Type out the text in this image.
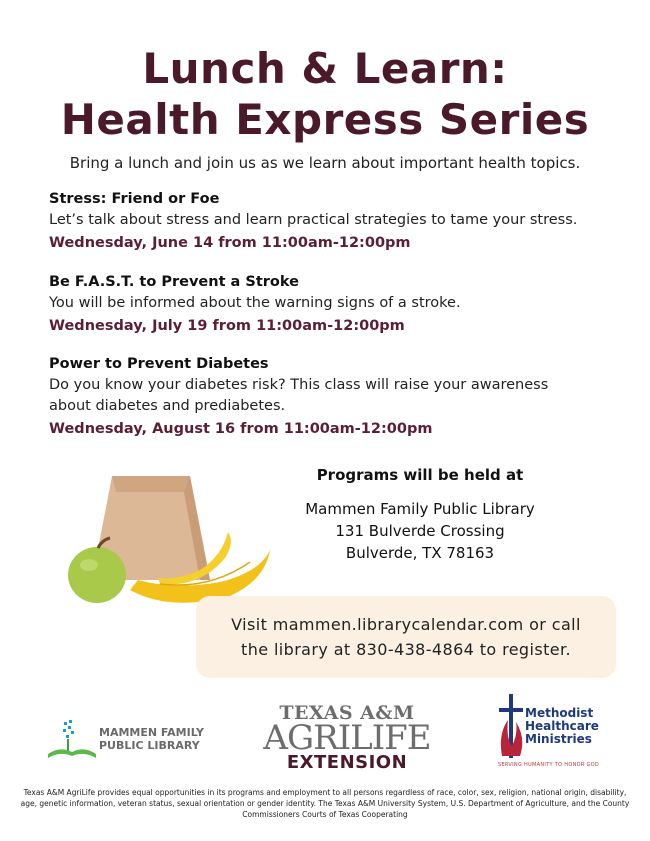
Lunch & Learn:
Health Express Series
Bring a lunch and join us as we learn about important health topics.
Stress: Friend or Foe
Let’s talk about stress and learn practical strategies to tame your stress.
Wednesday, June 14 from 11:00am-12:00pm
Be F.A.S.T. to Prevent a Stroke
You will be informed about the warning signs of a stroke.
Wednesday, July 19 from 11:00am-12:00pm
Power to Prevent Diabetes
Do you know your diabetes risk? This class will raise your awareness
about diabetes and prediabetes.
Wednesday, August 16 from 11:00am-12:00pm
Programs will be held at
Mammen Family Public Library
131 Bulverde Crossing
Bulverde, TX 78163
Visit mammen.librarycalendar.com or call
the library at 830-438-4864 to register.
MAMMEN FAMILY
PUBLIC LIBRARY
TEXAS A&M
AGRILIFE
EXTENSION
Methodist
Healthcare
Ministries
SERVING HUMANITY TO HONOR GOD
Texas A&M AgriLife provides equal opportunities in its programs and employment to all persons regardless of race, color, sex, religion, national origin, disability, age, genetic information, veteran status, sexual orientation or gender identity. The Texas A&M University System, U.S. Department of Agriculture, and the County Commissioners Courts of Texas Cooperating
